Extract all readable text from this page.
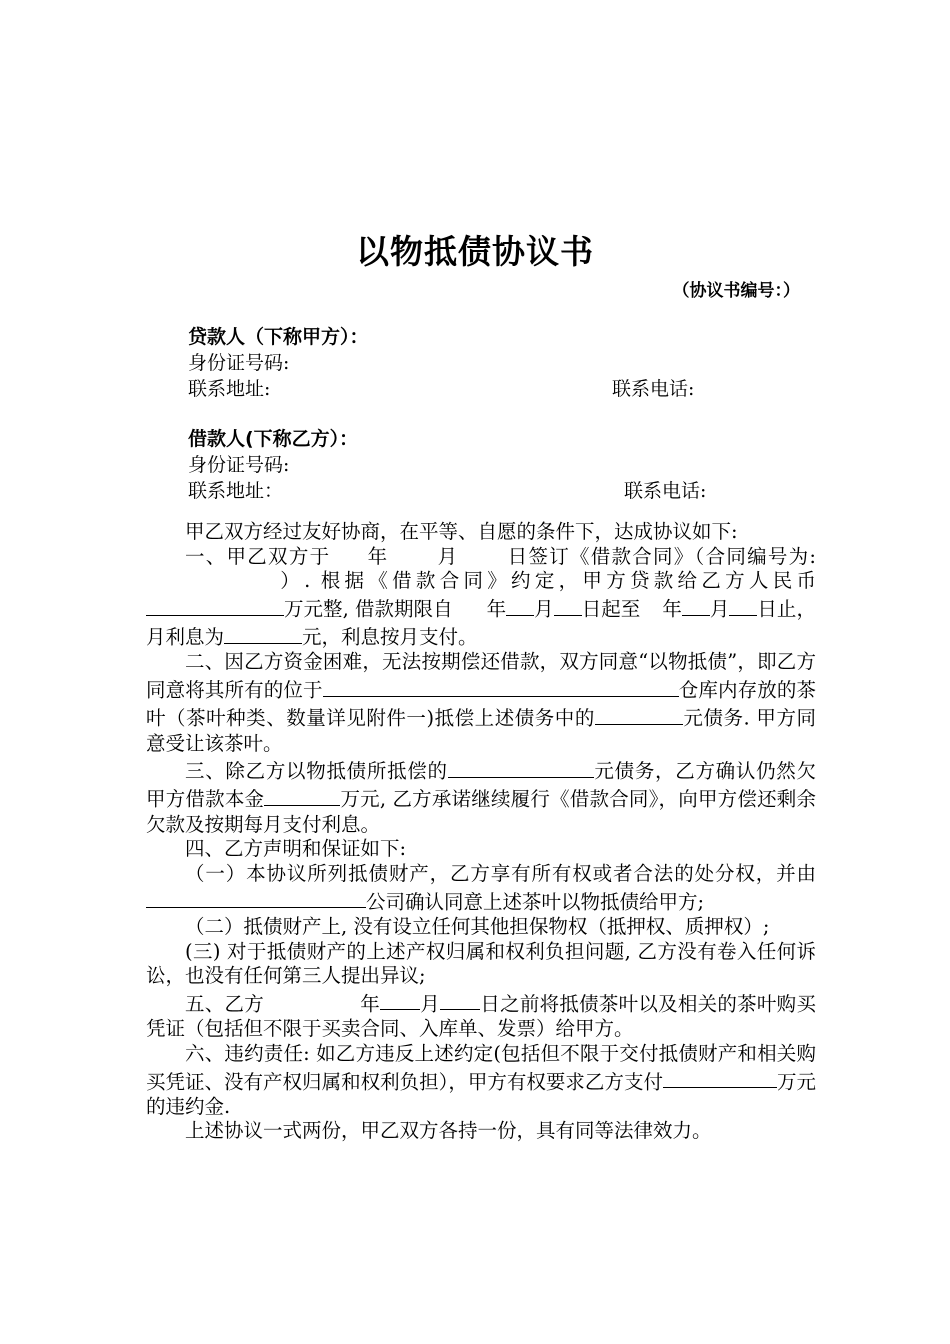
以物抵债协议书
（协议书编号：）
贷款人（下称甲方）：
身份证号码:
联系地址:	联系电话:
借款人(下称乙方）：
身份证号码:
联系地址：	联系电话:

甲乙双方经过友好协商，在平等、自愿的条件下，达成协议如下:

一、甲乙双方于 年 月 日签订《借款合同》（合同编号为:）. 根据《借款合同》约定，甲方贷款给乙方人民币万元整, 借款期限自 年 月 日起至 年 月 日止，月利息为	元，利息按月支付。

二、因乙方资金困难，无法按期偿还借款，双方同意“以物抵债”，即乙方同意将其所有的位于	仓库内存放的茶叶（茶叶种类、数量详见附件一)抵偿上述债务中的	元债务. 甲方同意受让该茶叶。

三、除乙方以物抵债所抵偿的	元债务，乙方确认仍然欠甲方借款本金	万元, 乙方承诺继续履行《借款合同》，向甲方偿还剩余欠款及按期每月支付利息。

四、乙方声明和保证如下:

（一）本协议所列抵债财产，乙方享有所有权或者合法的处分权，并由公司确认同意上述茶叶以物抵债给甲方;

（二）抵债财产上, 没有设立任何其他担保物权（抵押权、质押权）;

(三) 对于抵债财产的上述产权归属和权利负担问题, 乙方没有卷入任何诉讼，也没有任何第三人提出异议;

五、乙方	年 月 日之前将抵债茶叶以及相关的茶叶购买凭证（包括但不限于买卖合同、入库单、发票）给甲方。

六、违约责任: 如乙方违反上述约定(包括但不限于交付抵债财产和相关购买凭证、没有产权归属和权利负担），甲方有权要求乙方支付	万元的违约金.

上述协议一式两份，甲乙双方各持一份，具有同等法律效力。
